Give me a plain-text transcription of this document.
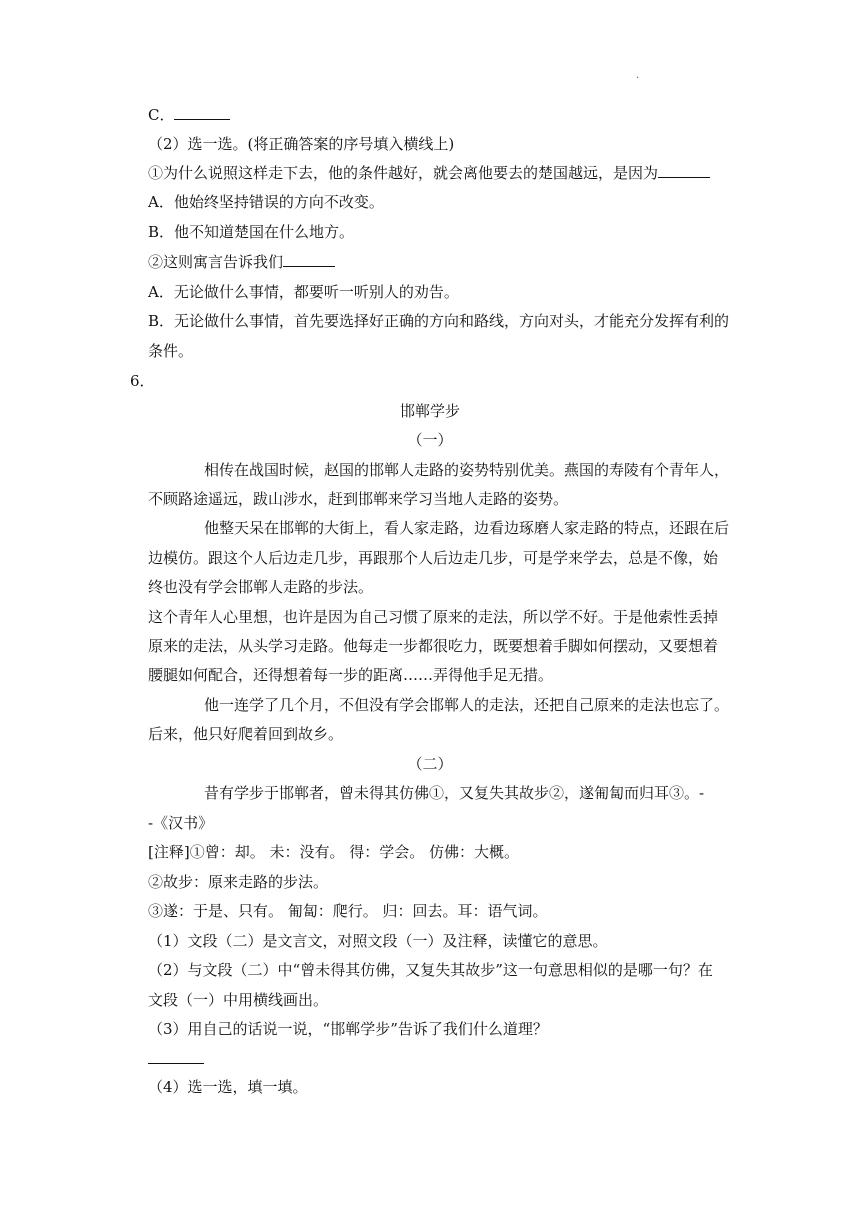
.
C．
（2）选一选。(将正确答案的序号填入横线上)
①为什么说照这样走下去，他的条件越好，就会离他要去的楚国越远，是因为
A．他始终坚持错误的方向不改变。
B．他不知道楚国在什么地方。
②这则寓言告诉我们
A．无论做什么事情，都要听一听别人的劝告。
B．无论做什么事情，首先要选择好正确的方向和路线，方向对头，才能充分发挥有利的
条件。
6．
邯郸学步
（一）
相传在战国时候，赵国的邯郸人走路的姿势特别优美。燕国的寿陵有个青年人，
不顾路途遥远，跋山涉水，赶到邯郸来学习当地人走路的姿势。
他整天呆在邯郸的大街上，看人家走路，边看边琢磨人家走路的特点，还跟在后
边模仿。跟这个人后边走几步，再跟那个人后边走几步，可是学来学去，总是不像，始
终也没有学会邯郸人走路的步法。
这个青年人心里想，也许是因为自己习惯了原来的走法，所以学不好。于是他索性丢掉
原来的走法，从头学习走路。他每走一步都很吃力，既要想着手脚如何摆动，又要想着
腰腿如何配合，还得想着每一步的距离……弄得他手足无措。
他一连学了几个月，不但没有学会邯郸人的走法，还把自己原来的走法也忘了。
后来，他只好爬着回到故乡。
（二）
昔有学步于邯郸者，曾未得其仿佛①，又复失其故步②，遂匍匐而归耳③。-
-《汉书》
[注释]①曾：却。 未：没有。 得：学会。 仿佛：大概。
②故步：原来走路的步法。
③遂：于是、只有。 匍匐：爬行。 归：回去。耳：语气词。
（1）文段（二）是文言文，对照文段（一）及注释，读懂它的意思。
（2）与文段（二）中“曾未得其仿佛，又复失其故步”这一句意思相似的是哪一句？在
文段（一）中用横线画出。
（3）用自己的话说一说，“邯郸学步”告诉了我们什么道理？
（4）选一选，填一填。
